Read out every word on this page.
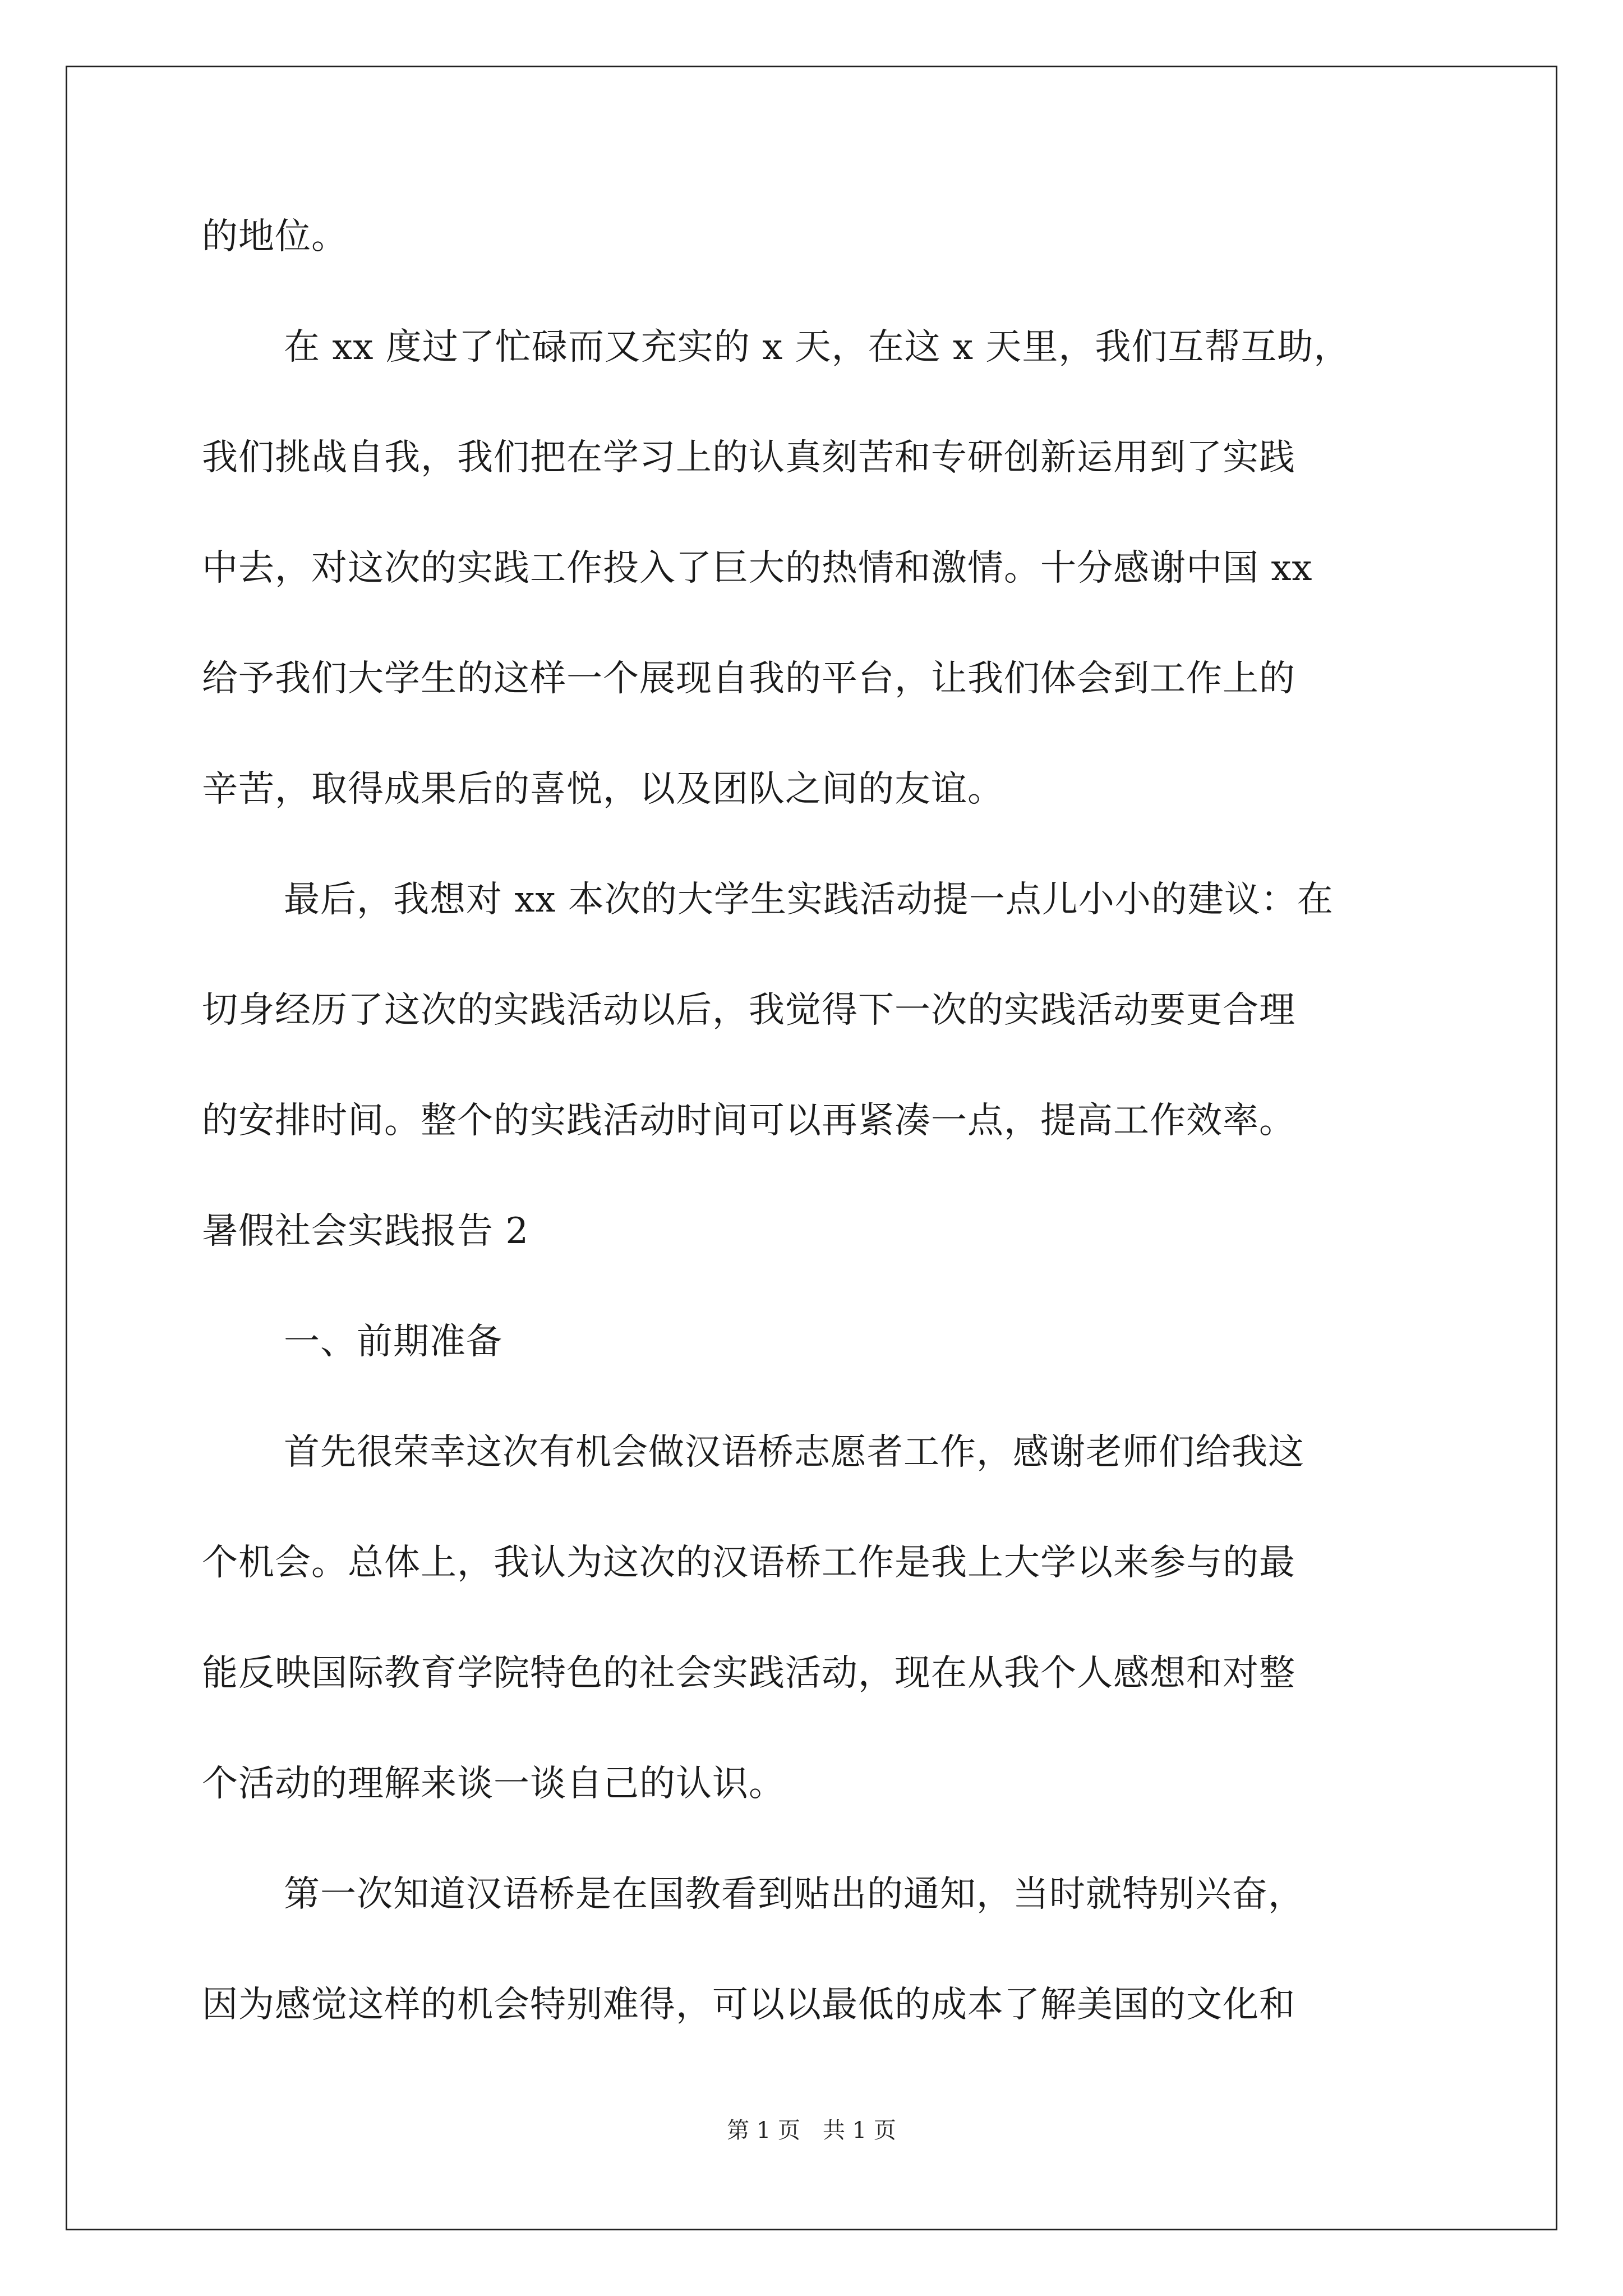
的地位。
在 xx 度过了忙碌而又充实的 x 天，在这 x 天里，我们互帮互助，
我们挑战自我，我们把在学习上的认真刻苦和专研创新运用到了实践
中去，对这次的实践工作投入了巨大的热情和激情。十分感谢中国 xx
给予我们大学生的这样一个展现自我的平台，让我们体会到工作上的
辛苦，取得成果后的喜悦，以及团队之间的友谊。
最后，我想对 xx 本次的大学生实践活动提一点儿小小的建议：在
切身经历了这次的实践活动以后，我觉得下一次的实践活动要更合理
的安排时间。整个的实践活动时间可以再紧凑一点，提高工作效率。
暑假社会实践报告 2
一、前期准备
首先很荣幸这次有机会做汉语桥志愿者工作，感谢老师们给我这
个机会。总体上，我认为这次的汉语桥工作是我上大学以来参与的最
能反映国际教育学院特色的社会实践活动，现在从我个人感想和对整
个活动的理解来谈一谈自己的认识。
第一次知道汉语桥是在国教看到贴出的通知，当时就特别兴奋，
因为感觉这样的机会特别难得，可以以最低的成本了解美国的文化和
第 1 页 共 1 页
